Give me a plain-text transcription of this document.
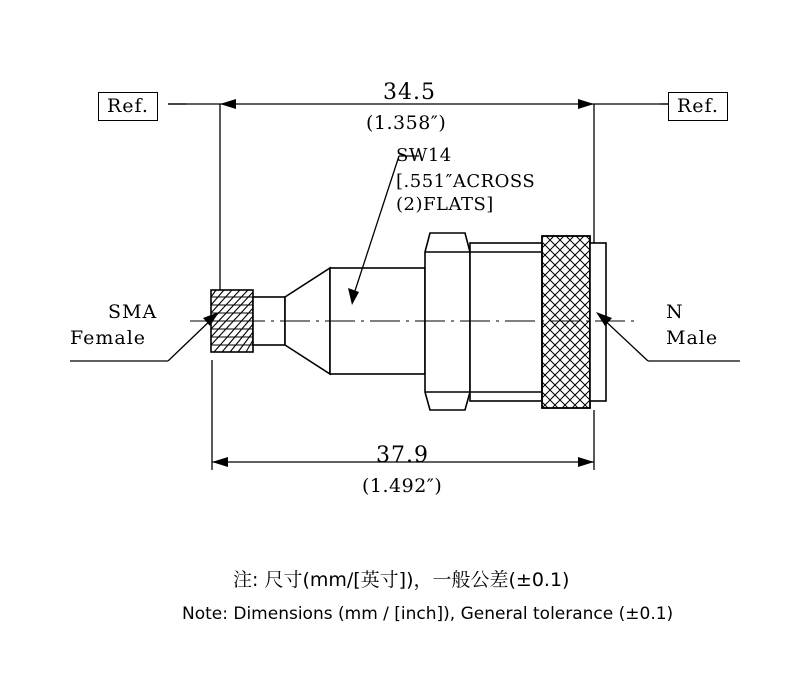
Ref.	Ref.
34.5
(1.358″)
37.9
(1.492″)
SW14
[.551″ACROSS
(2)FLATS]
SMA
Female
N
Male
注: 尺寸(mm/[英寸])，一般公差(±0.1)
Note: Dimensions (mm / [inch]), General tolerance (±0.1)
